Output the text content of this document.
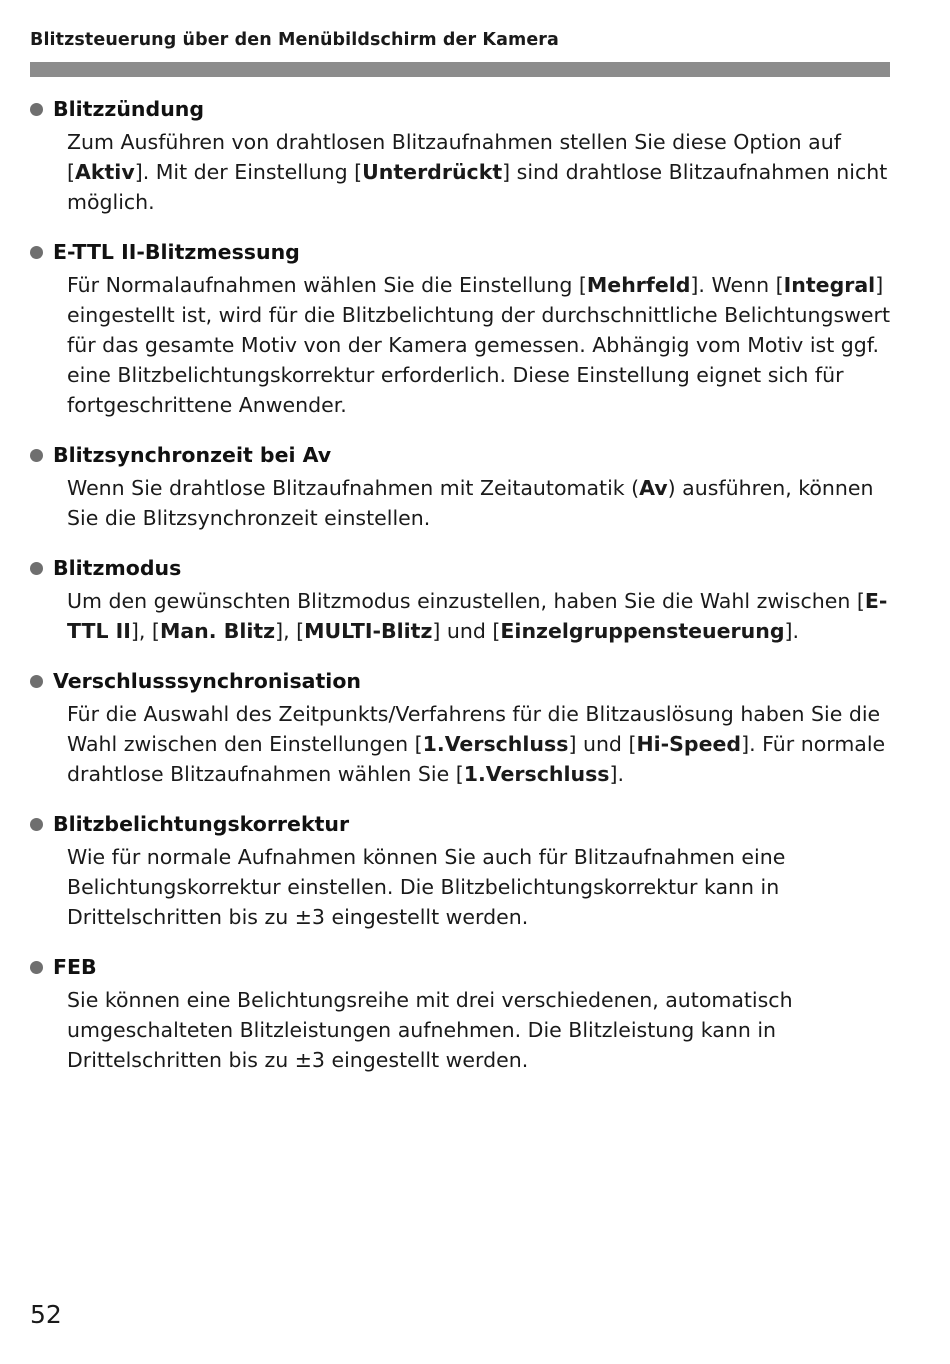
Blitzsteuerung über den Menübildschirm der Kamera
Blitzzündung
Zum Ausführen von drahtlosen Blitzaufnahmen stellen Sie diese Option auf [Aktiv]. Mit der Einstellung [Unterdrückt] sind drahtlose Blitzaufnahmen nicht möglich.
E-TTL II-Blitzmessung
Für Normalaufnahmen wählen Sie die Einstellung [Mehrfeld]. Wenn [Integral] eingestellt ist, wird für die Blitzbelichtung der durchschnittliche Belichtungswert für das gesamte Motiv von der Kamera gemessen. Abhängig vom Motiv ist ggf. eine Blitzbelichtungskorrektur erforderlich. Diese Einstellung eignet sich für fortgeschrittene Anwender.
Blitzsynchronzeit bei Av
Wenn Sie drahtlose Blitzaufnahmen mit Zeitautomatik (Av) ausführen, können Sie die Blitzsynchronzeit einstellen.
Blitzmodus
Um den gewünschten Blitzmodus einzustellen, haben Sie die Wahl zwischen [E-TTL II], [Man. Blitz], [MULTI-Blitz] und [Einzelgruppensteuerung].
Verschlusssynchronisation
Für die Auswahl des Zeitpunkts/Verfahrens für die Blitzauslösung haben Sie die Wahl zwischen den Einstellungen [1.Verschluss] und [Hi-Speed]. Für normale drahtlose Blitzaufnahmen wählen Sie [1.Verschluss].
Blitzbelichtungskorrektur
Wie für normale Aufnahmen können Sie auch für Blitzaufnahmen eine Belichtungskorrektur einstellen. Die Blitzbelichtungskorrektur kann in Drittelschritten bis zu ±3 eingestellt werden.
FEB
Sie können eine Belichtungsreihe mit drei verschiedenen, automatisch umgeschalteten Blitzleistungen aufnehmen. Die Blitzleistung kann in Drittelschritten bis zu ±3 eingestellt werden.
52
